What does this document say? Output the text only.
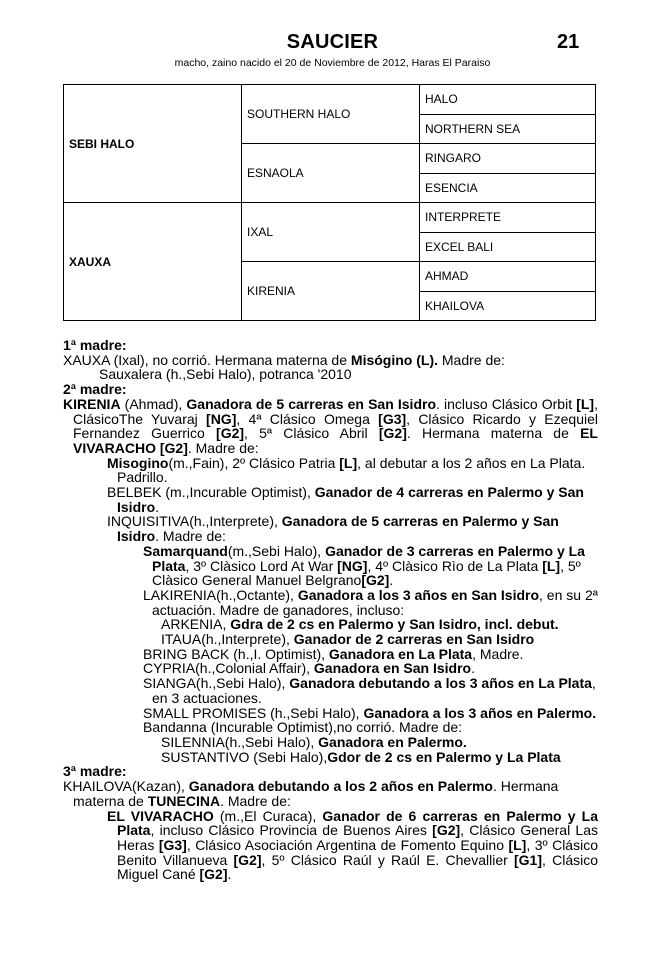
SAUCIER	21
macho, zaino nacido el 20 de Noviembre de 2012, Haras El Paraiso
SEBI HALO	SOUTHERN HALO	HALO
		NORTHERN SEA
	ESNAOLA	RINGARO
		ESENCIA
XAUXA	IXAL	INTERPRETE
		EXCEL BALI
	KIRENIA	AHMAD
		KHAILOVA

1ª madre:

XAUXA (Ixal), no corrió. Hermana materna de Misógino (L). Madre de:

Sauxalera (h.,Sebi Halo), potranca '2010

2ª madre:

KIRENIA (Ahmad), Ganadora de 5 carreras en San Isidro. incluso Clásico Orbit [L], ClásicoThe Yuvaraj [NG], 4ª Clásico Omega [G3], Clásico Ricardo y Ezequiel Fernandez Guerrico [G2], 5ª Clásico Abril [G2]. Hermana materna de EL VIVARACHO [G2]. Madre de:

Misogino(m.,Fain), 2º Clásico Patria [L], al debutar a los 2 años en La Plata. Padrillo.

BELBEK (m.,Incurable Optimist), Ganador de 4 carreras en Palermo y San Isidro.

INQUISITIVA(h.,Interprete), Ganadora de 5 carreras en Palermo y San Isidro. Madre de:

Samarquand(m.,Sebi Halo), Ganador de 3 carreras en Palermo y La Plata, 3º Clàsico Lord At War [NG], 4º Clàsico Rìo de La Plata [L], 5º Clàsico General Manuel Belgrano[G2].

LAKIRENIA(h.,Octante), Ganadora a los 3 años en San Isidro, en su 2ª actuación. Madre de ganadores, incluso:

ARKENIA, Gdra de 2 cs en Palermo y San Isidro, incl. debut.

ITAUA(h.,Interprete), Ganador de 2 carreras en San Isidro

BRING BACK (h.,I. Optimist), Ganadora en La Plata, Madre.

CYPRIA(h.,Colonial Affair), Ganadora en San Isidro.

SIANGA(h.,Sebi Halo), Ganadora debutando a los 3 años en La Plata, en 3 actuaciones.

SMALL PROMISES (h.,Sebi Halo), Ganadora a los 3 años en Palermo.

Bandanna (Incurable Optimist),no corrió. Madre de:

SILENNIA(h.,Sebi Halo), Ganadora en Palermo.

SUSTANTIVO (Sebi Halo),Gdor de 2 cs en Palermo y La Plata

3ª madre:

KHAILOVA(Kazan), Ganadora debutando a los 2 años en Palermo. Hermana materna de TUNECINA. Madre de:

EL VIVARACHO (m.,El Curaca), Ganador de 6 carreras en Palermo y La Plata, incluso Clásico Provincia de Buenos Aires [G2], Clásico General Las Heras [G3], Clásico Asociación Argentina de Fomento Equino [L], 3º Clásico Benito Villanueva [G2], 5º Clásico Raúl y Raúl E. Chevallier [G1], Clásico Miguel Cané [G2].
